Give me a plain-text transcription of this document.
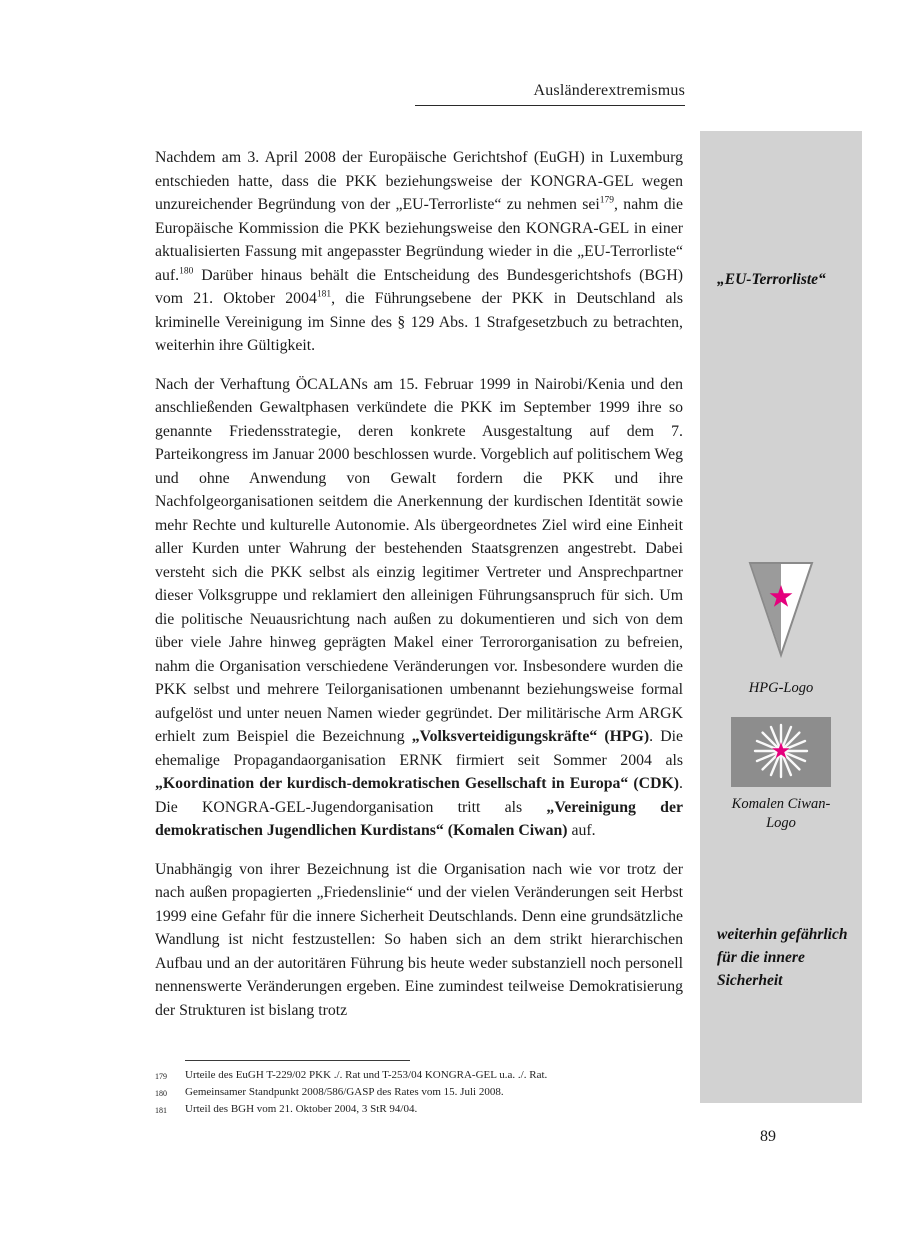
Ausländerextremismus
„EU-Terrorliste“
HPG-Logo
Komalen Ciwan-Logo
weiterhin gefährlich für die innere Sicherheit

Nachdem am 3. April 2008 der Europäische Gerichtshof (EuGH) in Luxemburg entschieden hatte, dass die PKK beziehungsweise der KONGRA-GEL wegen unzureichender Begründung von der „EU-Terrorliste“ zu nehmen sei$^{179}$, nahm die Europäische Kommission die PKK beziehungsweise den KONGRA-GEL in einer aktualisierten Fassung mit angepasster Begründung wieder in die „EU-Terrorliste“ auf.$^{180}$ Darüber hinaus behält die Entscheidung des Bundesgerichtshofs (BGH) vom 21. Oktober 2004$^{181}$, die Führungsebene der PKK in Deutschland als kriminelle Vereinigung im Sinne des § 129 Abs. 1 Strafgesetzbuch zu betrachten, weiterhin ihre Gültigkeit.

Nach der Verhaftung ÖCALANs am 15. Februar 1999 in Nairobi/Kenia und den anschließenden Gewaltphasen verkündete die PKK im September 1999 ihre so genannte Friedensstrategie, deren konkrete Ausgestaltung auf dem 7. Parteikongress im Januar 2000 beschlossen wurde. Vorgeblich auf politischem Weg und ohne Anwendung von Gewalt fordern die PKK und ihre Nachfolgeorganisationen seitdem die Anerkennung der kurdischen Identität sowie mehr Rechte und kulturelle Autonomie. Als übergeordnetes Ziel wird eine Einheit aller Kurden unter Wahrung der bestehenden Staatsgrenzen angestrebt. Dabei versteht sich die PKK selbst als einzig legitimer Vertreter und Ansprechpartner dieser Volksgruppe und reklamiert den alleinigen Führungsanspruch für sich. Um die politische Neuausrichtung nach außen zu dokumentieren und sich von dem über viele Jahre hinweg geprägten Makel einer Terrororganisation zu befreien, nahm die Organisation verschiedene Veränderungen vor. Insbesondere wurden die PKK selbst und mehrere Teilorganisationen umbenannt beziehungsweise formal aufgelöst und unter neuen Namen wieder gegründet. Der militärische Arm ARGK erhielt zum Beispiel die Bezeichnung „Volksverteidigungskräfte“ (HPG). Die ehemalige Propagandaorganisation ERNK firmiert seit Sommer 2004 als „Koordination der kurdisch-demokratischen Gesellschaft in Europa“ (CDK). Die KONGRA-GEL-Jugendorganisation tritt als „Vereinigung der demokratischen Jugendlichen Kurdistans“ (Komalen Ciwan) auf.

Unabhängig von ihrer Bezeichnung ist die Organisation nach wie vor trotz der nach außen propagierten „Friedenslinie“ und der vielen Veränderungen seit Herbst 1999 eine Gefahr für die innere Sicherheit Deutschlands. Denn eine grundsätzliche Wandlung ist nicht festzustellen: So haben sich an dem strikt hierarchischen Aufbau und an der autoritären Führung bis heute weder substanziell noch personell nennenswerte Veränderungen ergeben. Eine zumindest teilweise Demokratisierung der Strukturen ist bislang trotz

179	Urteile des EuGH T-229/02 PKK ./. Rat und T-253/04 KONGRA-GEL u.a. ./. Rat.
180	Gemeinsamer Standpunkt 2008/586/GASP des Rates vom 15. Juli 2008.
181	Urteil des BGH vom 21. Oktober 2004, 3 StR 94/04.
89
